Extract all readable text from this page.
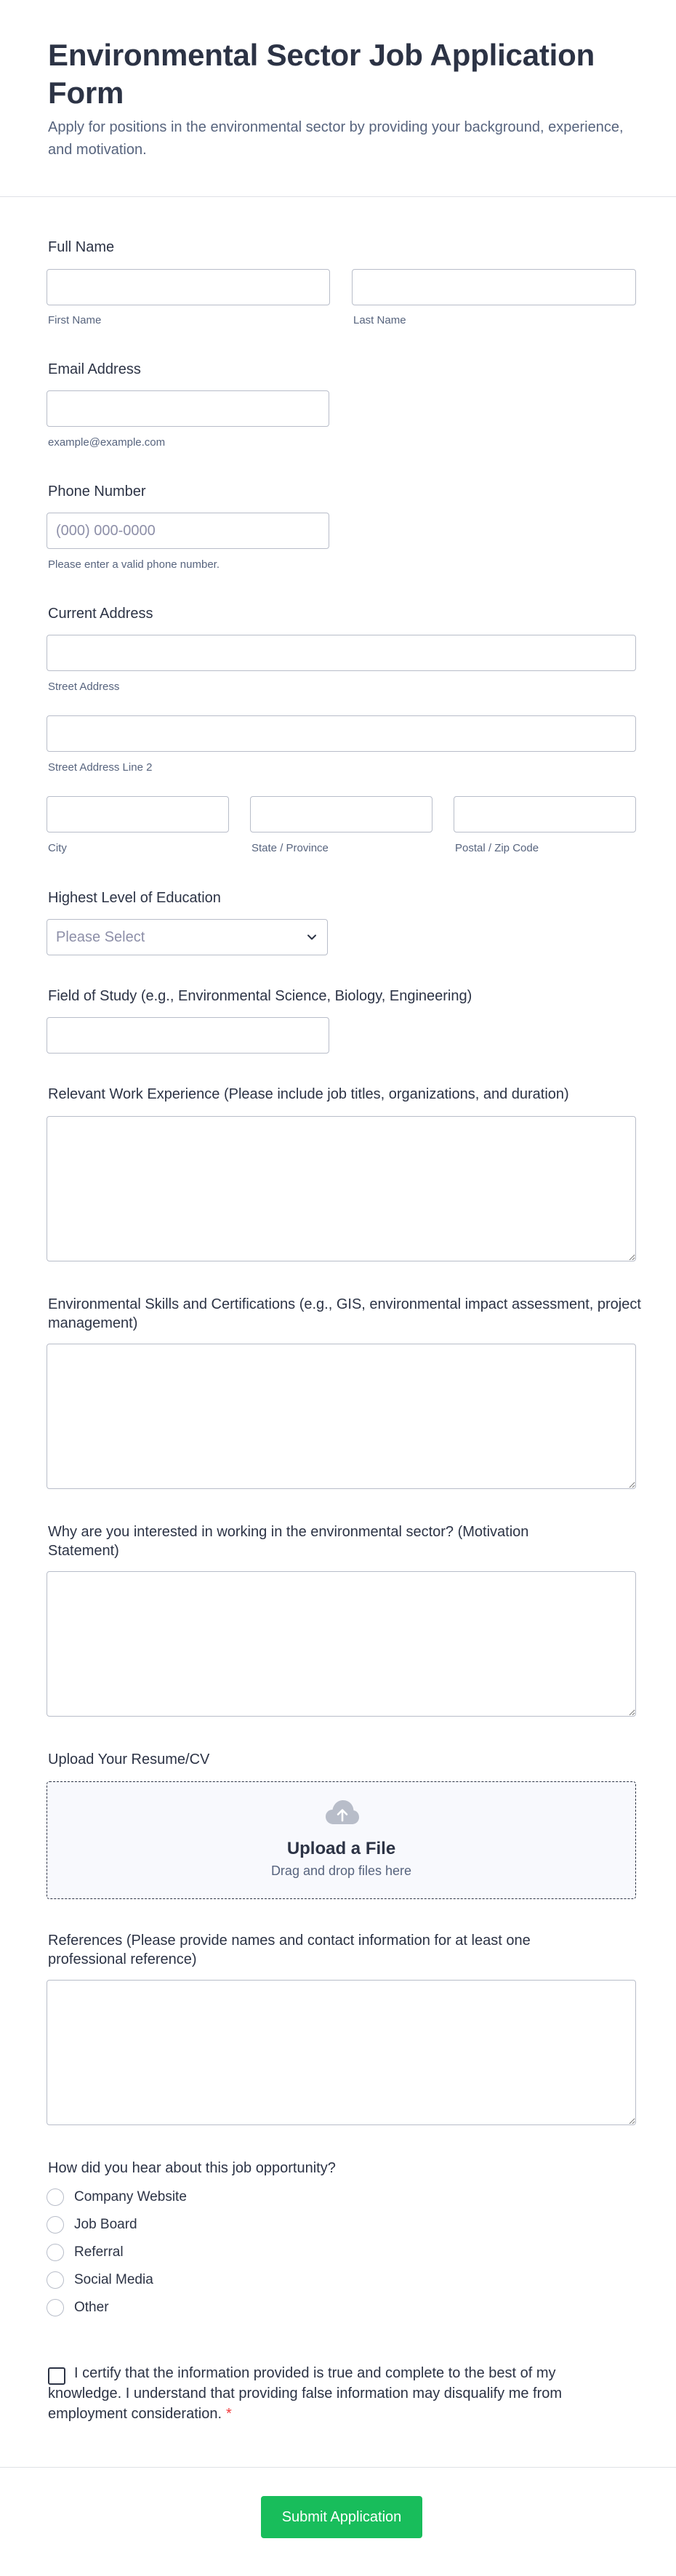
Environmental Sector Job Application Form

Apply for positions in the environmental sector by providing your background, experience, and motivation.

Full Name
First Name	Last Name
Email Address
example@example.com
Phone Number
(000) 000-0000
Please enter a valid phone number.
Current Address
Street Address
Street Address Line 2
City	State / Province	Postal / Zip Code
Highest Level of Education
Please Select
Field of Study (e.g., Environmental Science, Biology, Engineering)
Relevant Work Experience (Please include job titles, organizations, and duration)
Environmental Skills and Certifications (e.g., GIS, environmental impact assessment, project management)
Why are you interested in working in the environmental sector? (Motivation Statement)
Upload Your Resume/CV
Upload a File
Drag and drop files here
References (Please provide names and contact information for at least one professional reference)
How did you hear about this job opportunity?
Company Website
Job Board
Referral
Social Media
Other

I certify that the information provided is true and complete to the best of my knowledge. I understand that providing false information may disqualify me from employment consideration. *

Submit Application
